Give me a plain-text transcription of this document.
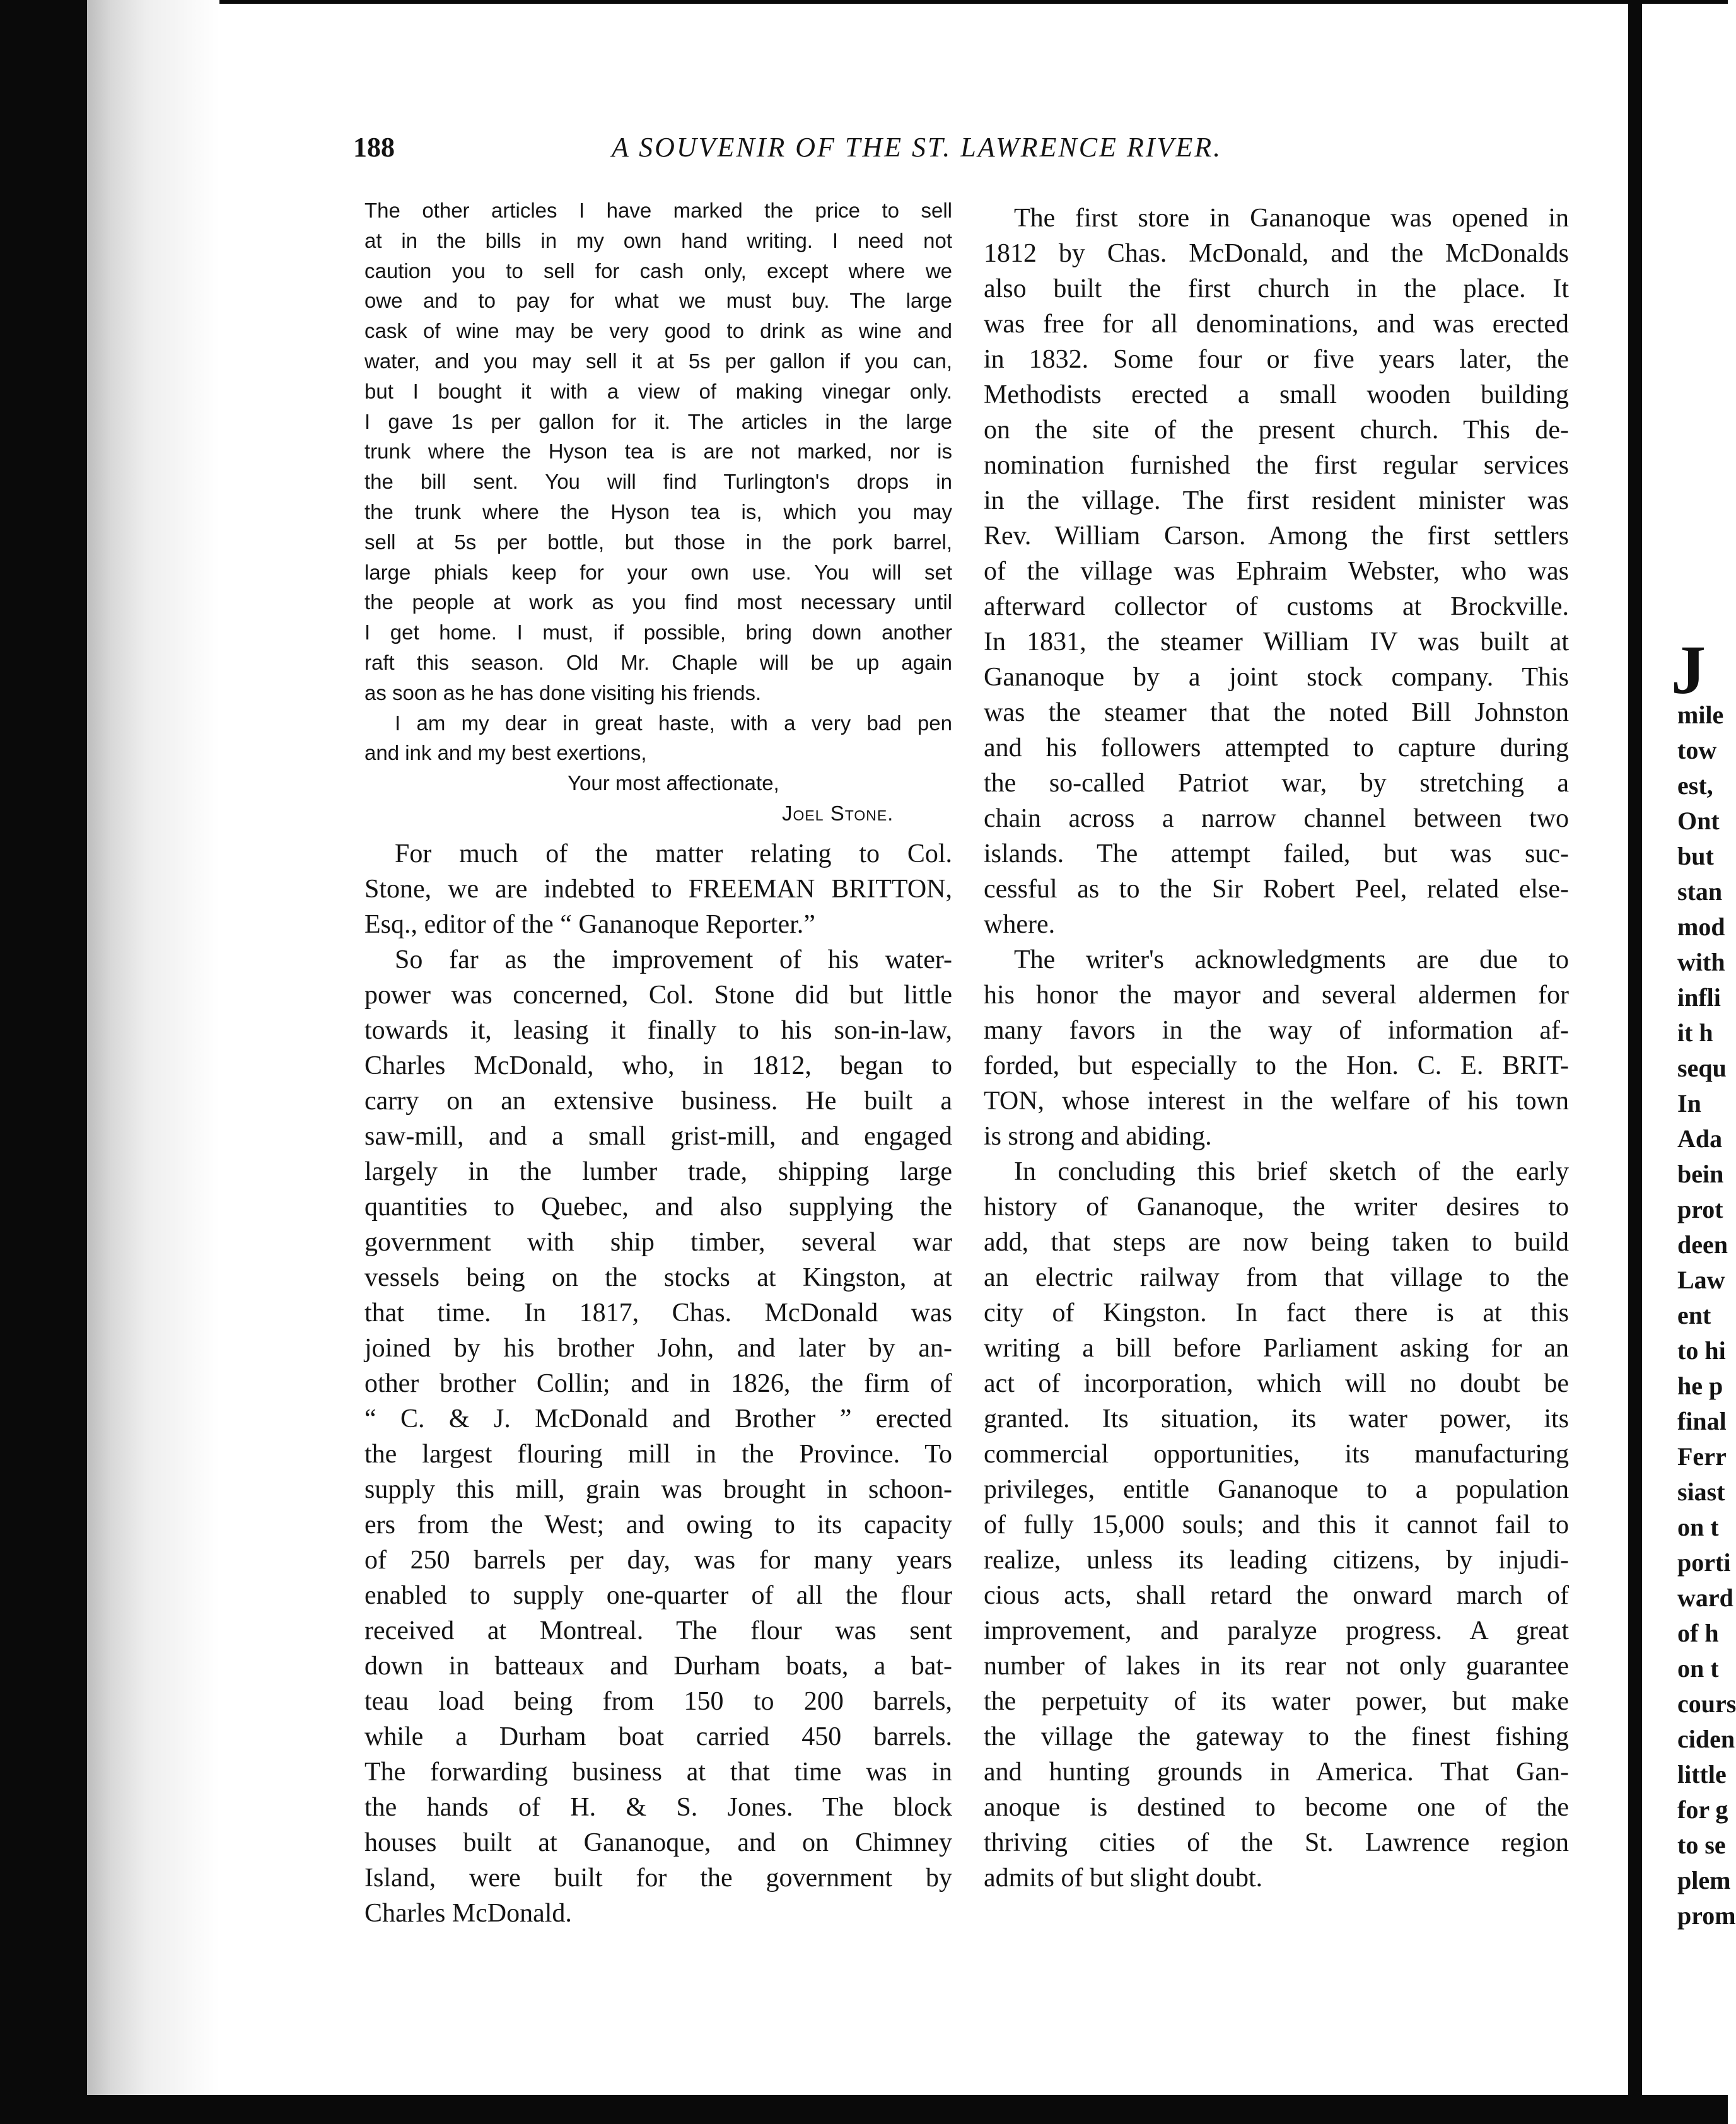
188	A SOUVENIR OF THE ST. LAWRENCE RIVER.
The other articles I have marked the price to sell
at in the bills in my own hand writing. I need not
caution you to sell for cash only, except where we
owe and to pay for what we must buy. The large
cask of wine may be very good to drink as wine and
water, and you may sell it at 5s per gallon if you can,
but I bought it with a view of making vinegar only.
I gave 1s per gallon for it. The articles in the large
trunk where the Hyson tea is are not marked, nor is
the bill sent. You will find Turlington's drops in
the trunk where the Hyson tea is, which you may
sell at 5s per bottle, but those in the pork barrel,
large phials keep for your own use. You will set
the people at work as you find most necessary until
I get home. I must, if possible, bring down another
raft this season. Old Mr. Chaple will be up again
as soon as he has done visiting his friends.
I am my dear in great haste, with a very bad pen
and ink and my best exertions,
Your most affectionate,
Joel Stone.
For much of the matter relating to Col.
Stone, we are indebted to FREEMAN BRITTON,
Esq., editor of the “ Gananoque Reporter.”
So far as the improvement of his water-
power was concerned, Col. Stone did but little
towards it, leasing it finally to his son-in-law,
Charles McDonald, who, in 1812, began to
carry on an extensive business. He built a
saw-mill, and a small grist-mill, and engaged
largely in the lumber trade, shipping large
quantities to Quebec, and also supplying the
government with ship timber, several war
vessels being on the stocks at Kingston, at
that time. In 1817, Chas. McDonald was
joined by his brother John, and later by an-
other brother Collin; and in 1826, the firm of
“ C. & J. McDonald and Brother ” erected
the largest flouring mill in the Province. To
supply this mill, grain was brought in schoon-
ers from the West; and owing to its capacity
of 250 barrels per day, was for many years
enabled to supply one-quarter of all the flour
received at Montreal. The flour was sent
down in batteaux and Durham boats, a bat-
teau load being from 150 to 200 barrels,
while a Durham boat carried 450 barrels.
The forwarding business at that time was in
the hands of H. & S. Jones. The block
houses built at Gananoque, and on Chimney
Island, were built for the government by
Charles McDonald.
The first store in Gananoque was opened in
1812 by Chas. McDonald, and the McDonalds
also built the first church in the place. It
was free for all denominations, and was erected
in 1832. Some four or five years later, the
Methodists erected a small wooden building
on the site of the present church. This de-
nomination furnished the first regular services
in the village. The first resident minister was
Rev. William Carson. Among the first settlers
of the village was Ephraim Webster, who was
afterward collector of customs at Brockville.
In 1831, the steamer William IV was built at
Gananoque by a joint stock company. This
was the steamer that the noted Bill Johnston
and his followers attempted to capture during
the so-called Patriot war, by stretching a
chain across a narrow channel between two
islands. The attempt failed, but was suc-
cessful as to the Sir Robert Peel, related else-
where.
The writer's acknowledgments are due to
his honor the mayor and several aldermen for
many favors in the way of information af-
forded, but especially to the Hon. C. E. BRIT-
TON, whose interest in the welfare of his town
is strong and abiding.
In concluding this brief sketch of the early
history of Gananoque, the writer desires to
add, that steps are now being taken to build
an electric railway from that village to the
city of Kingston. In fact there is at this
writing a bill before Parliament asking for an
act of incorporation, which will no doubt be
granted. Its situation, its water power, its
commercial opportunities, its manufacturing
privileges, entitle Gananoque to a population
of fully 15,000 souls; and this it cannot fail to
realize, unless its leading citizens, by injudi-
cious acts, shall retard the onward march of
improvement, and paralyze progress. A great
number of lakes in its rear not only guarantee
the perpetuity of its water power, but make
the village the gateway to the finest fishing
and hunting grounds in America. That Gan-
anoque is destined to become one of the
thriving cities of the St. Lawrence region
admits of but slight doubt.
J
mile
tow
est,
Ont
but
stan
mod
with
infli
it h
sequ
In
Ada
bein
prot
deen
Law
ent
to hi
he p
final
Ferr
siast
on t
porti
ward
of h
on t
cours
ciden
little
for g
to se
plem
prom
